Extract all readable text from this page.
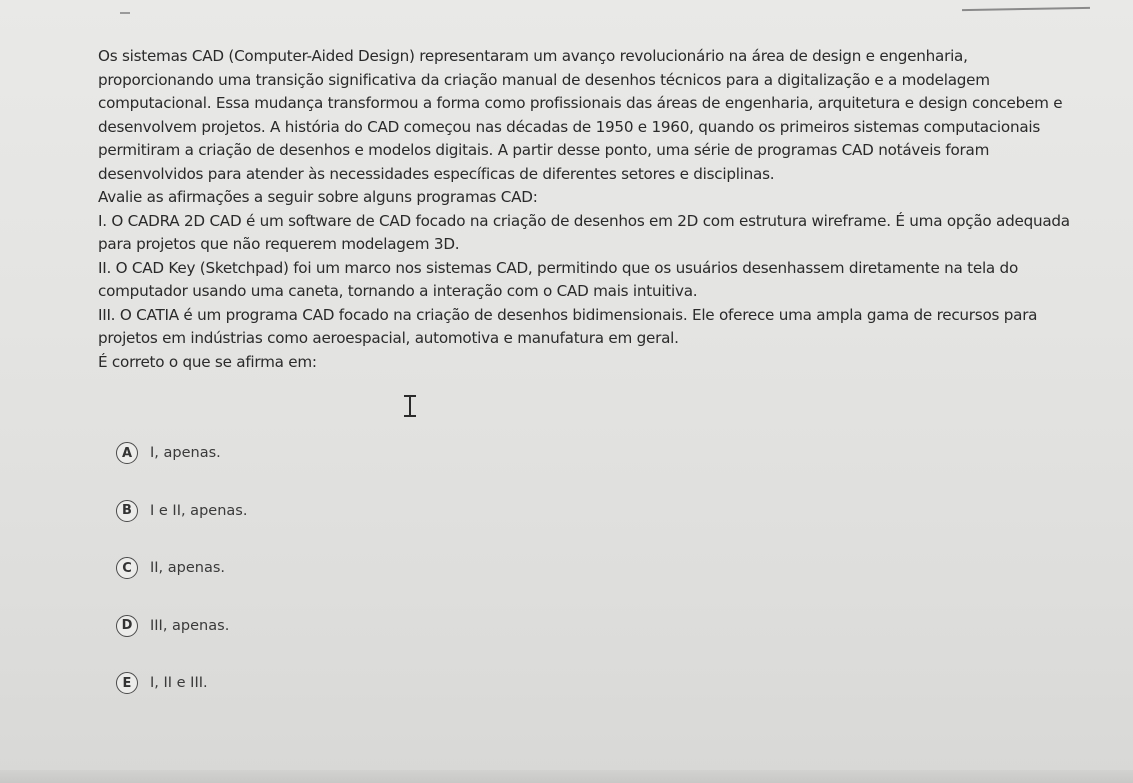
Os sistemas CAD (Computer-Aided Design) representaram um avanço revolucionário na área de design e engenharia,

proporcionando uma transição significativa da criação manual de desenhos técnicos para a digitalização e a modelagem

computacional. Essa mudança transformou a forma como profissionais das áreas de engenharia, arquitetura e design concebem e

desenvolvem projetos. A história do CAD começou nas décadas de 1950 e 1960, quando os primeiros sistemas computacionais

permitiram a criação de desenhos e modelos digitais. A partir desse ponto, uma série de programas CAD notáveis foram

desenvolvidos para atender às necessidades específicas de diferentes setores e disciplinas.

Avalie as afirmações a seguir sobre alguns programas CAD:

I. O CADRA 2D CAD é um software de CAD focado na criação de desenhos em 2D com estrutura wireframe. É uma opção adequada

para projetos que não requerem modelagem 3D.

II. O CAD Key (Sketchpad) foi um marco nos sistemas CAD, permitindo que os usuários desenhassem diretamente na tela do

computador usando uma caneta, tornando a interação com o CAD mais intuitiva.

III. O CATIA é um programa CAD focado na criação de desenhos bidimensionais. Ele oferece uma ampla gama de recursos para

projetos em indústrias como aeroespacial, automotiva e manufatura em geral.

É correto o que se afirma em:

A	I, apenas.
B	I e II, apenas.
C	II, apenas.
D	III, apenas.
E	I, II e III.
